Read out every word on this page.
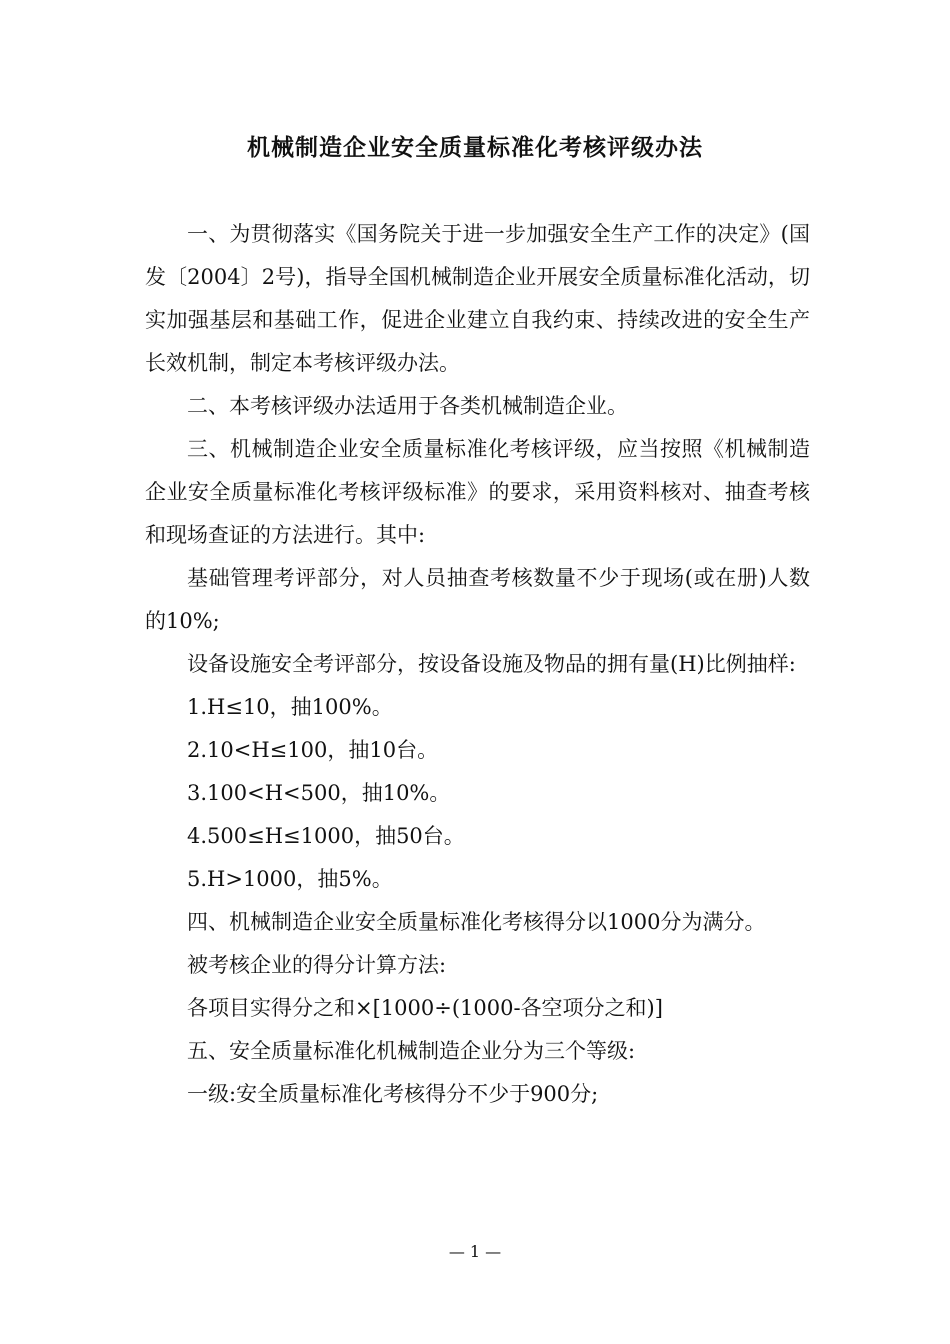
机械制造企业安全质量标准化考核评级办法

一、为贯彻落实《国务院关于进一步加强安全生产工作的决定》(国发〔2004〕2号)，指导全国机械制造企业开展安全质量标准化活动，切实加强基层和基础工作，促进企业建立自我约束、持续改进的安全生产长效机制，制定本考核评级办法。

二、本考核评级办法适用于各类机械制造企业。

三、机械制造企业安全质量标准化考核评级，应当按照《机械制造企业安全质量标准化考核评级标准》的要求，采用资料核对、抽查考核和现场查证的方法进行。其中:

基础管理考评部分，对人员抽查考核数量不少于现场(或在册)人数的10%;

设备设施安全考评部分，按设备设施及物品的拥有量(H)比例抽样:

1.H≤10，抽100%。

2.10<H≤100，抽10台。

3.100<H<500，抽10%。

4.500≤H≤1000，抽50台。

5.H>1000，抽5%。

四、机械制造企业安全质量标准化考核得分以1000分为满分。

被考核企业的得分计算方法:

各项目实得分之和×[1000÷(1000-各空项分之和)]

五、安全质量标准化机械制造企业分为三个等级:

一级:安全质量标准化考核得分不少于900分;

— 1 —
